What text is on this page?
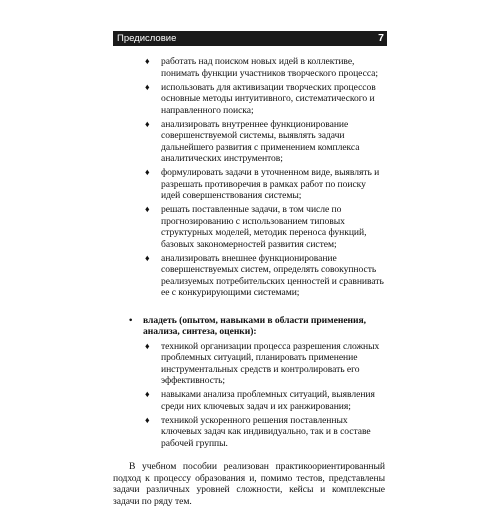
Предисловие	7
♦ работать над поиском новых идей в коллективе, понимать функции участников творческого процесса;
♦ использовать для активизации творческих процессов основные методы интуитивного, систематического и направленного поиска;
♦ анализировать внутреннее функционирование совершенствуемой системы, выявлять задачи дальнейшего развития с применением комплекса аналитических инструментов;
♦ формулировать задачи в уточненном виде, выявлять и разрешать противоречия в рамках работ по поиску идей совершенствования системы;
♦ решать поставленные задачи, в том числе по прогнозированию с использованием типовых структурных моделей, методик переноса функций, базовых закономерностей развития систем;
♦ анализировать внешнее функционирование совершенствуемых систем, определять совокупность реализуемых потребительских ценностей и сравнивать ее с конкурирующими системами;
• владеть (опытом, навыками в области применения, анализа, синтеза, оценки):
♦ техникой организации процесса разрешения сложных проблемных ситуаций, планировать применение инструментальных средств и контролировать его эффективность;
♦ навыками анализа проблемных ситуаций, выявления среди них ключевых задач и их ранжирования;
♦ техникой ускоренного решения поставленных ключевых задач как индивидуально, так и в составе рабочей группы.

В учебном пособии реализован практикоориентированный подход к процессу образования и, помимо тестов, представлены задачи различных уровней сложности, кейсы и комплексные задачи по ряду тем.
